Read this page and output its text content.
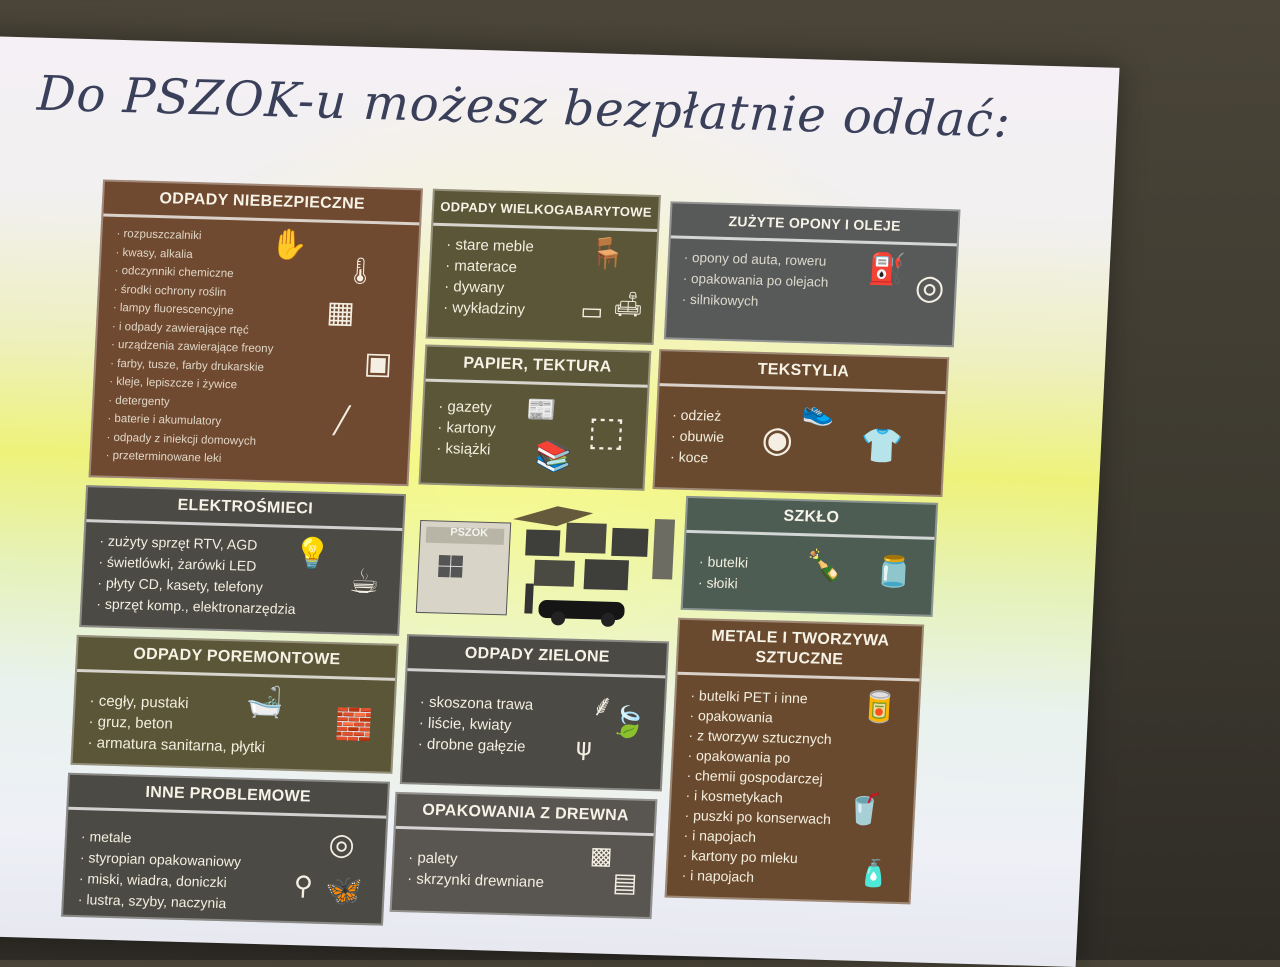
Do PSZOK-u możesz bezpłatnie oddać:
ODPADY NIEBEZPIECZNE
· rozpuszczalniki
· kwasy, alkalia
· odczynniki chemiczne
· środki ochrony roślin
· lampy fluorescencyjne
· i odpady zawierające rtęć
· urządzenia zawierające freony
· farby, tusze, farby drukarskie
· kleje, lepiszcze i żywice
· detergenty
· baterie i akumulatory
· odpady z iniekcji domowych
· przeterminowane leki
✋
🌡
▦
▣
╱
ODPADY WIELKOGABARYTOWE
· stare meble
· materace
· dywany
· wykładziny
🪑
🛋
▭
ZUŻYTE OPONY I OLEJE
· opony od auta, roweru
· opakowania po olejach
· silnikowych
⛽ ◎
PAPIER, TEKTURA
· gazety
· kartony
· książki
📰 ⬚
📚
TEKSTYLIA
· odzież
· obuwie
· koce	◉
👟
👕
ELEKTROŚMIECI
· zużyty sprzęt RTV, AGD
· świetlówki, żarówki LED
· płyty CD, kasety, telefony
· sprzęt komp., elektronarzędzia
💡
☕
PSZOK
SZKŁO
· butelki
· słoiki	🍾 🫙
ODPADY POREMONTOWE
· cegły, pustaki
· gruz, beton
· armatura sanitarna, płytki
🛁
🧱
ODPADY ZIELONE
· skoszona trawa
· liście, kwiaty
· drobne gałęzie
⸙
🍃
ψ
METALE I TWORZYWA
SZTUCZNE
· butelki PET i inne
· opakowania
· z tworzyw sztucznych
· opakowania po
· chemii gospodarczej
· i kosmetykach
· puszki po konserwach
· i napojach
· kartony po mleku
· i napojach
🥫
🥤
🧴
INNE PROBLEMOWE
· metale
· styropian opakowaniowy
· miski, wiadra, doniczki
· lustra, szyby, naczynia
◎
⚲ 🦋
OPAKOWANIA Z DREWNA
· palety
· skrzynki drewniane
▩
▤
